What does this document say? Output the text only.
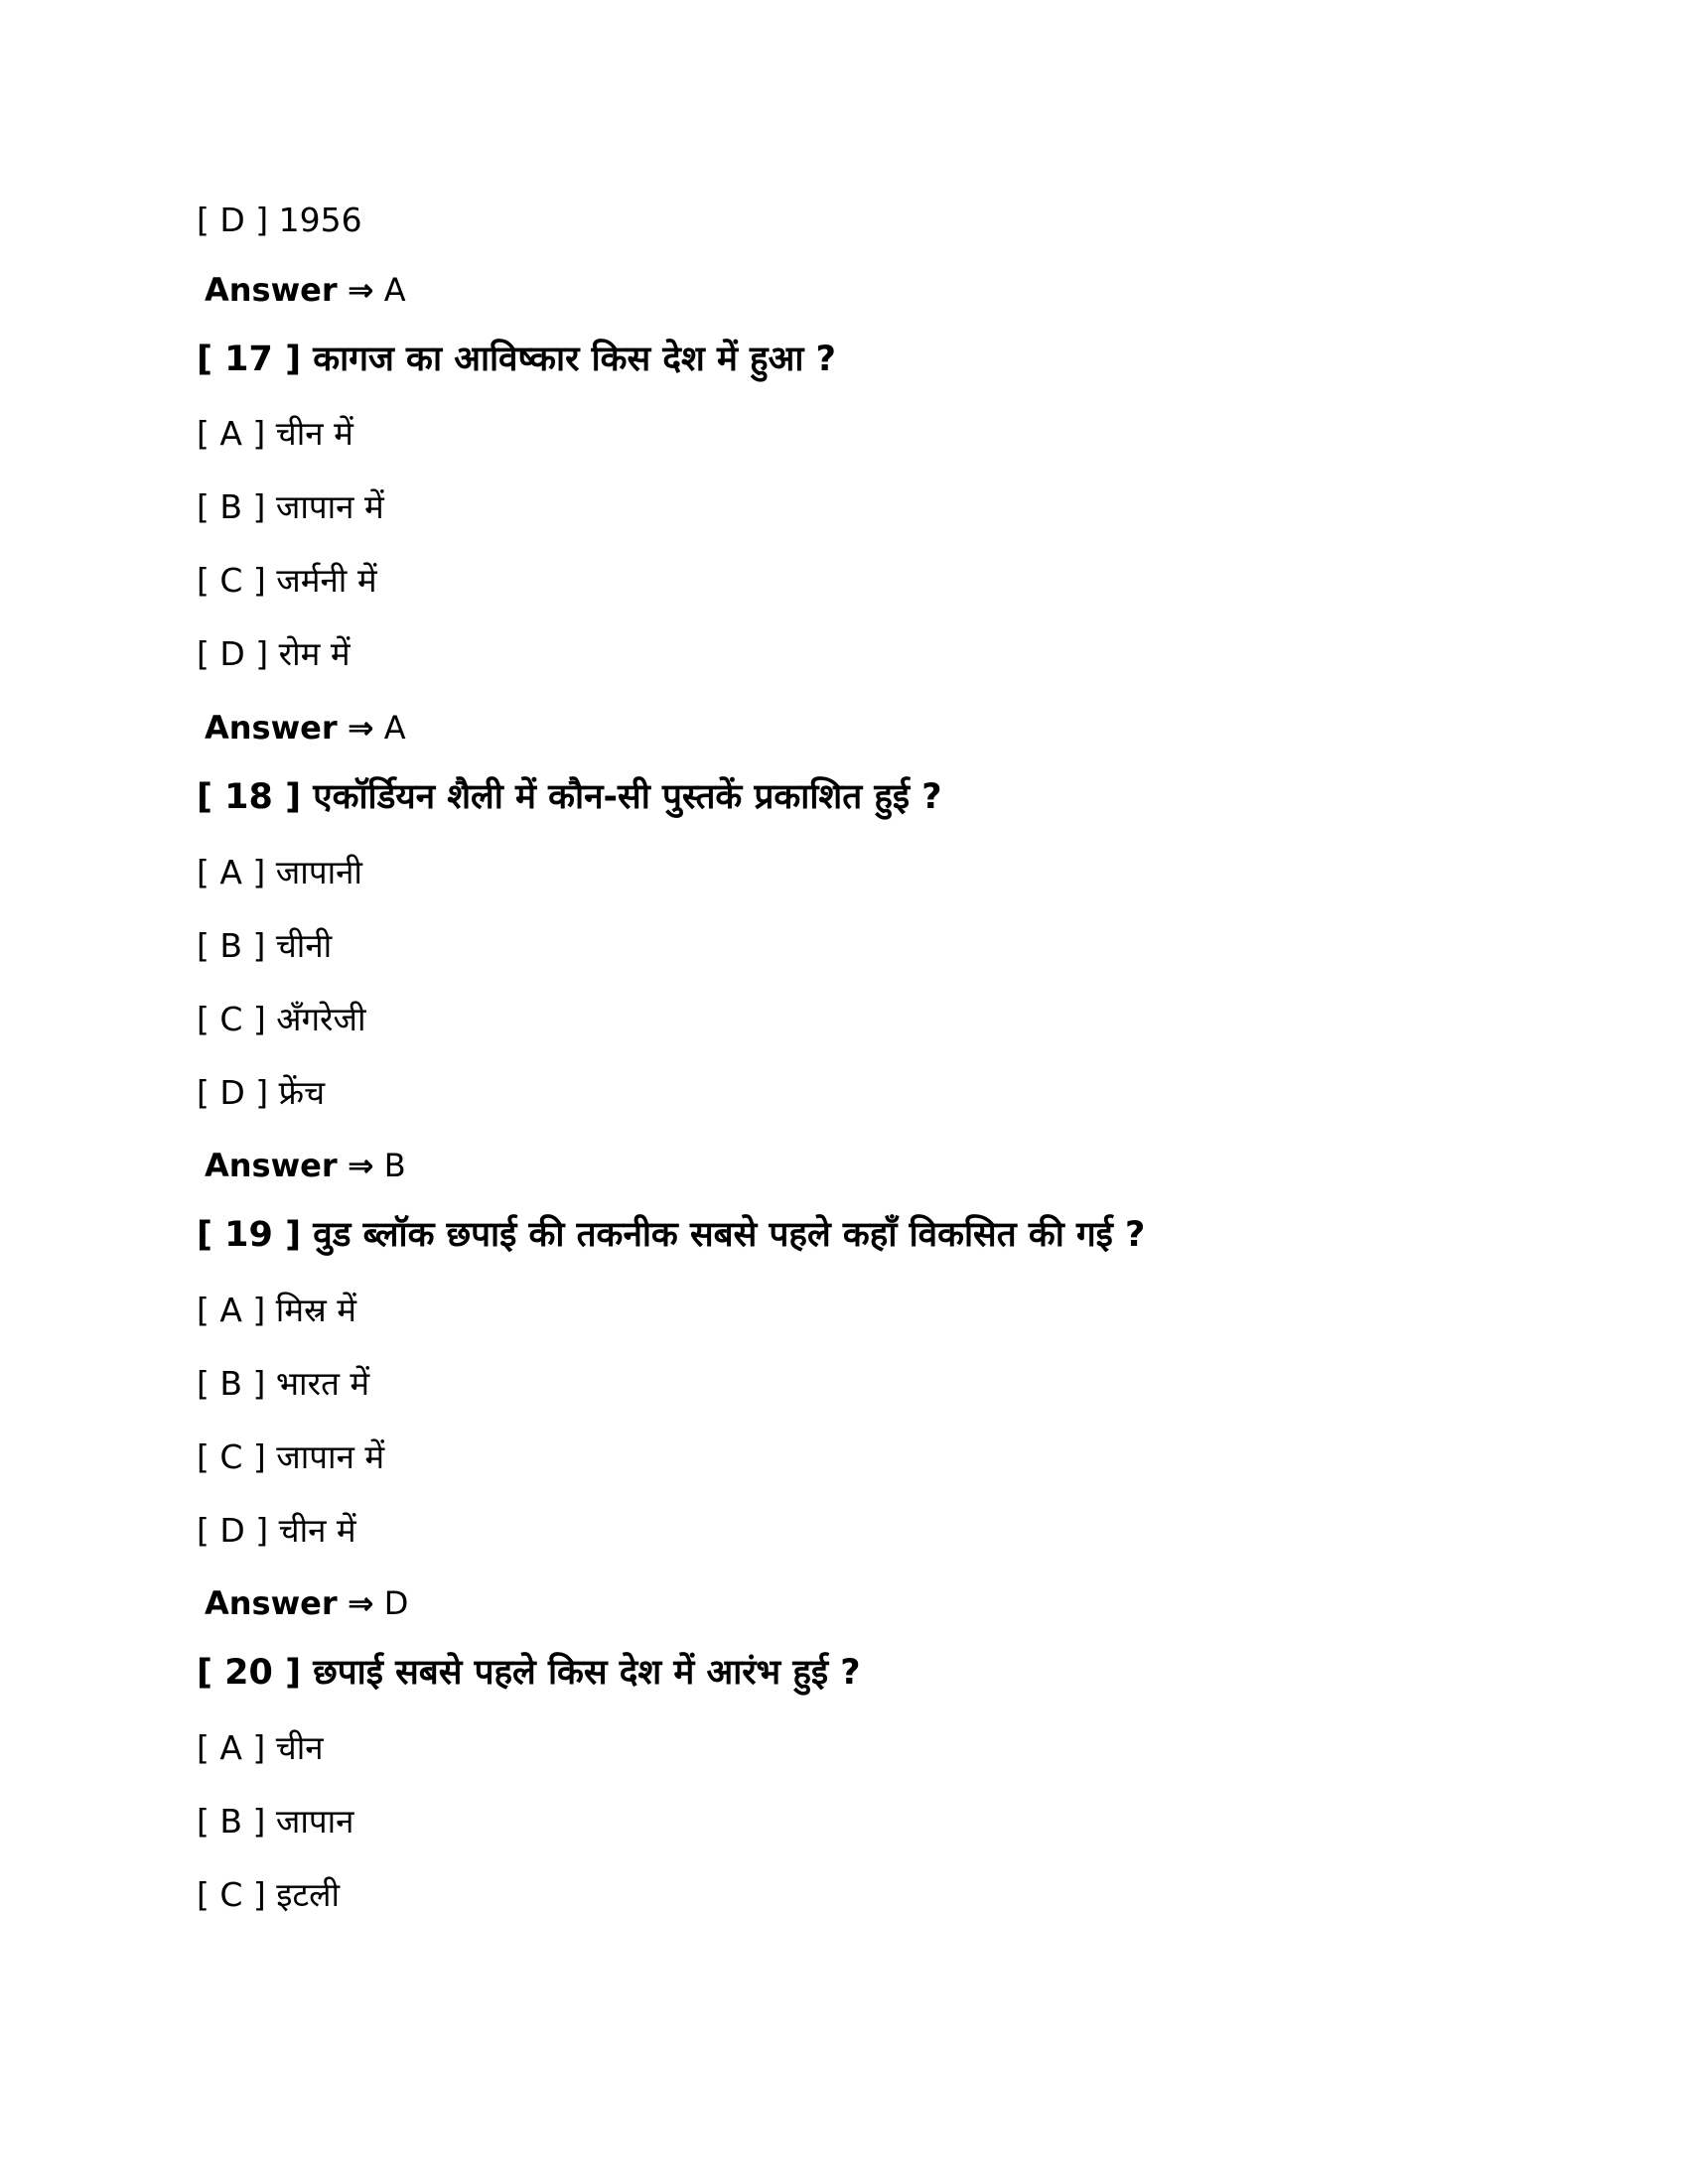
[ D ] 1956
Answer ⇒ A
[ 17 ] कागज का आविष्कार किस देश में हुआ ?
[ A ] चीन में
[ B ] जापान में
[ C ] जर्मनी में
[ D ] रोम में
Answer ⇒ A
[ 18 ] एकॉर्डियन शैली में कौन-सी पुस्तकें प्रकाशित हुई ?
[ A ] जापानी
[ B ] चीनी
[ C ] अँगरेजी
[ D ] फ्रेंच
Answer ⇒ B
[ 19 ] वुड ब्लॉक छपाई की तकनीक सबसे पहले कहाँ विकसित की गई ?
[ A ] मिस्र में
[ B ] भारत में
[ C ] जापान में
[ D ] चीन में
Answer ⇒ D
[ 20 ] छपाई सबसे पहले किस देश में आरंभ हुई ?
[ A ] चीन
[ B ] जापान
[ C ] इटली
